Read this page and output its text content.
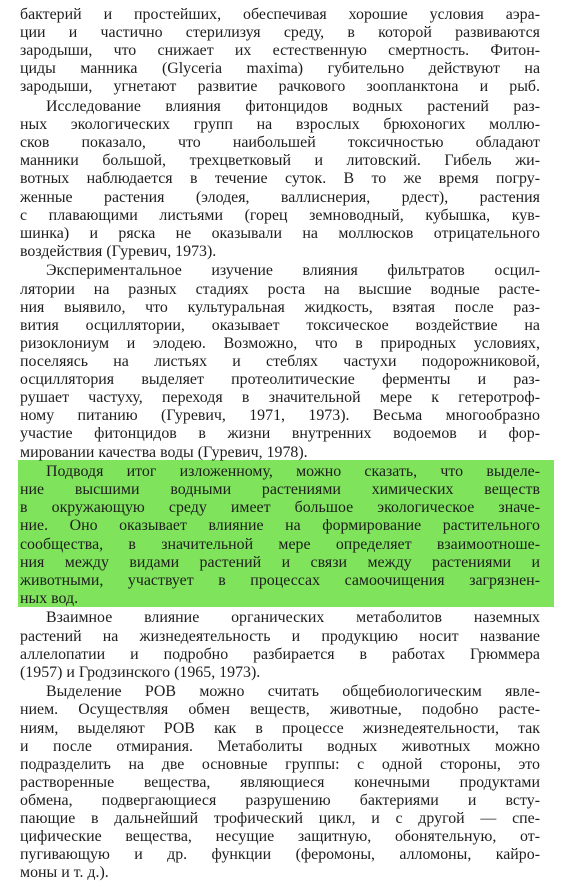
бактерий и простейших, обеспечивая хорошие условия аэра-
ции и частично стерилизуя среду, в которой развиваются
зародыши, что снижает их естественную смертность. Фитон-
циды манника (Glyceria maxima) губительно действуют на
зародыши, угнетают развитие рачкового зоопланктона и рыб.
Исследование влияния фитонцидов водных растений раз-
ных экологических групп на взрослых брюхоногих моллю-
сков показало, что наибольшей токсичностью обладают
манники большой, трехцветковый и литовский. Гибель жи-
вотных наблюдается в течение суток. В то же время погру-
женные растения (элодея, валлиснерия, рдест), растения
с плавающими листьями (горец земноводный, кубышка, кув-
шинка) и ряска не оказывали на моллюсков отрицательного
воздействия (Гуревич, 1973).
Экспериментальное изучение влияния фильтратов осцил-
лятории на разных стадиях роста на высшие водные расте-
ния выявило, что культуральная жидкость, взятая после раз-
вития осциллятории, оказывает токсическое воздействие на
ризоклониум и элодею. Возможно, что в природных условиях,
поселяясь на листьях и стеблях частухи подорожниковой,
осциллятория выделяет протеолитические ферменты и раз-
рушает частуху, переходя в значительной мере к гетеротроф-
ному питанию (Гуревич, 1971, 1973). Весьма многообразно
участие фитонцидов в жизни внутренних водоемов и фор-
мировании качества воды (Гуревич, 1978).
Подводя итог изложенному, можно сказать, что выделе-
ние высшими водными растениями химических веществ
в окружающую среду имеет большое экологическое значе-
ние. Оно оказывает влияние на формирование растительного
сообщества, в значительной мере определяет взаимоотноше-
ния между видами растений и связи между растениями и
животными, участвует в процессах самоочищения загрязнен-
ных вод.
Взаимное влияние органических метаболитов наземных
растений на жизнедеятельность и продукцию носит название
аллелопатии и подробно разбирается в работах Грюммера
(1957) и Гродзинского (1965, 1973).
Выделение РОВ можно считать общебиологическим явле-
нием. Осуществляя обмен веществ, животные, подобно расте-
ниям, выделяют РОВ как в процессе жизнедеятельности, так
и после отмирания. Метаболиты водных животных можно
подразделить на две основные группы: с одной стороны, это
растворенные вещества, являющиеся конечными продуктами
обмена, подвергающиеся разрушению бактериями и всту-
пающие в дальнейший трофический цикл, и с другой — спе-
цифические вещества, несущие защитную, обонятельную, от-
пугивающую и др. функции (феромоны, алломоны, кайро-
моны и т. д.).
